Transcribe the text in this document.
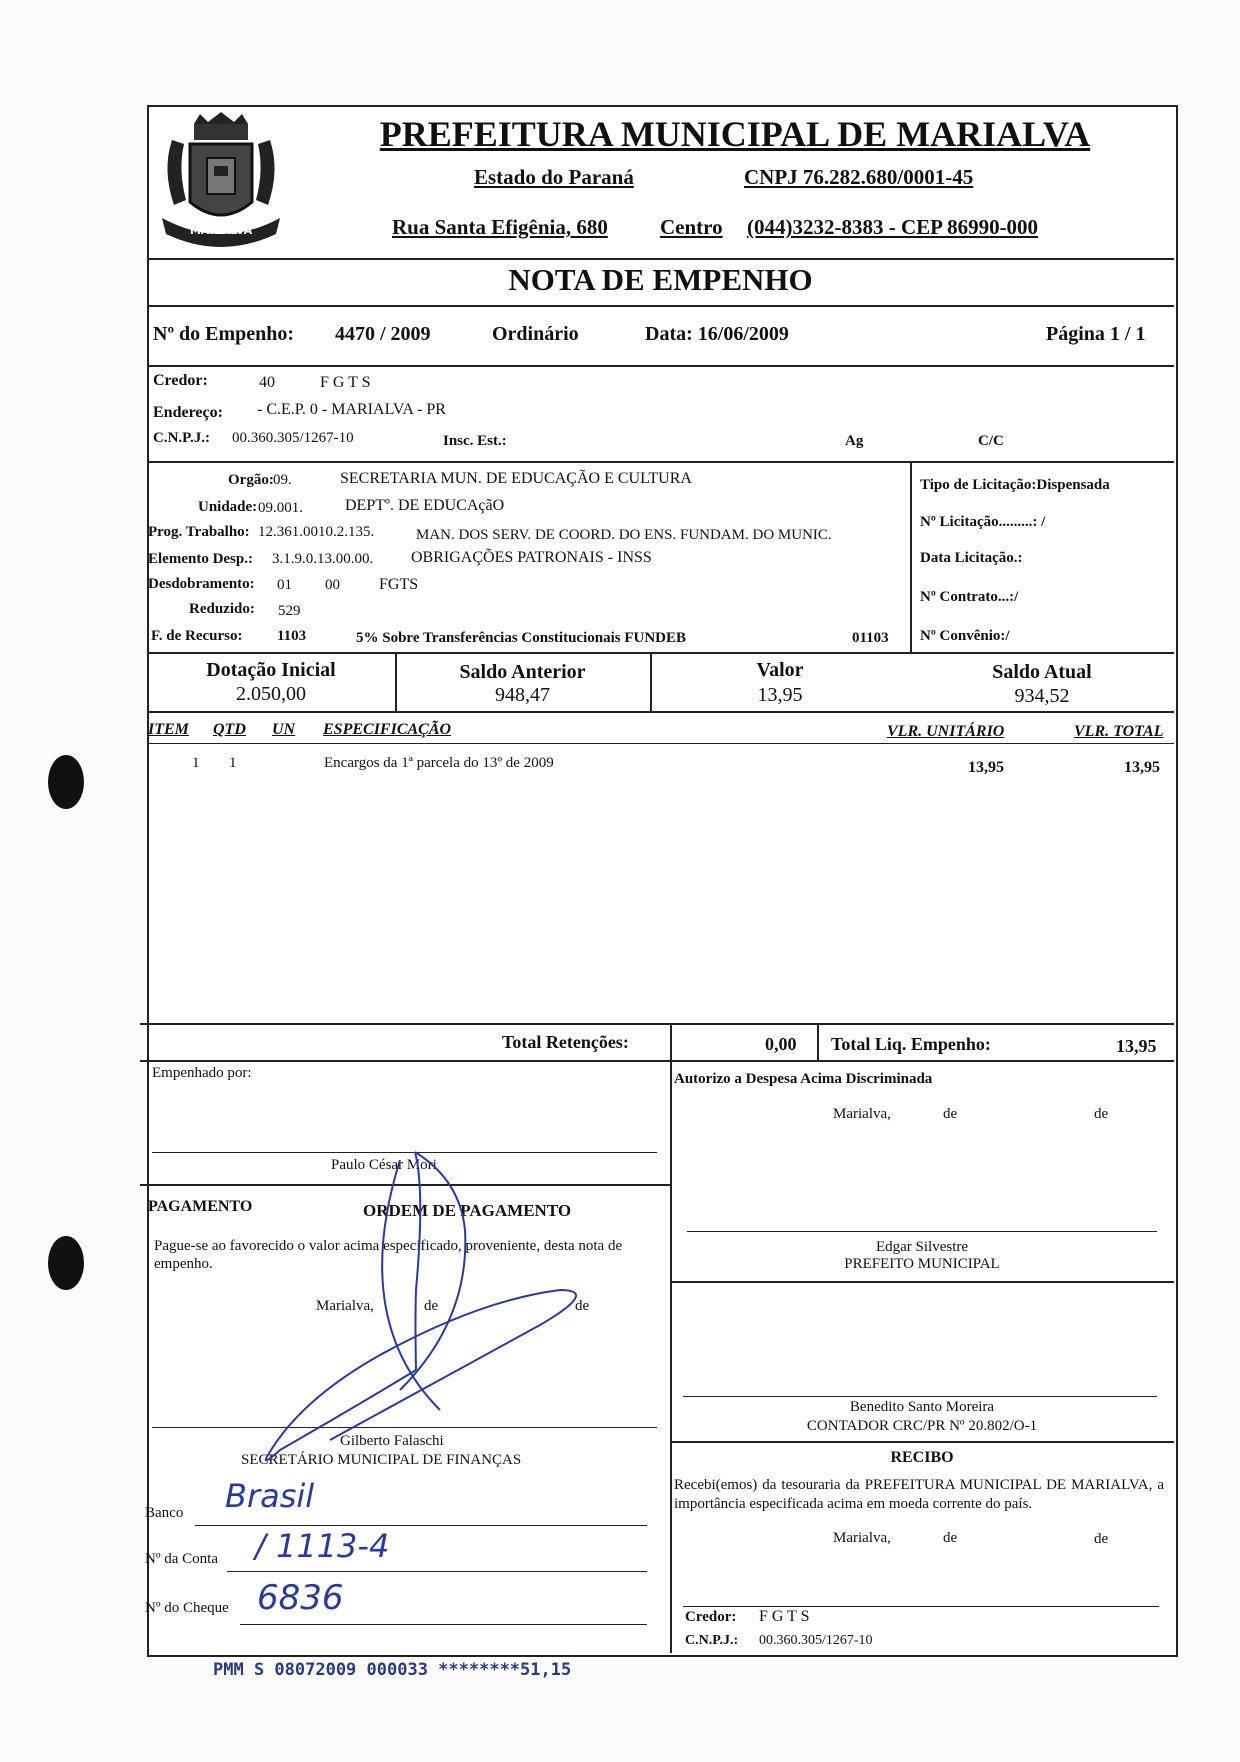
MARIALVA
PREFEITURA MUNICIPAL DE MARIALVA
Estado do Paraná	CNPJ 76.282.680/0001-45
Rua Santa Efigênia, 680 Centro (044)3232-8383 - CEP 86990-000
NOTA DE EMPENHO
Nº do Empenho: 4470 / 2009	Ordinário	Data: 16/06/2009	Página 1 / 1
Credor:	40	F G T S
Endereço: - C.E.P. 0 - MARIALVA - PR
C.N.P.J.: 00.360.305/1267-10	Insc. Est.:	Ag	C/C
Orgão: 09.	SECRETARIA MUN. DE EDUCAÇÃO E CULTURA
Unidade: 09.001.	DEPTº. DE EDUCAçãO
Prog. Trabalho: 12.361.0010.2.135.	MAN. DOS SERV. DE COORD. DO ENS. FUNDAM. DO MUNIC.
Elemento Desp.: 3.1.9.0.13.00.00. OBRIGAÇÕES PATRONAIS - INSS
Desdobramento: 01 00 FGTS
Reduzido: 529
F. de Recurso: 1103	5% Sobre Transferências Constitucionais FUNDEB	01103
Tipo de Licitação:Dispensada
Nº Licitação.........: /
Data Licitação.:
Nº Contrato...:/
Nº Convênio:/
Dotação Inicial
2.050,00
Saldo Anterior
948,47
Valor
13,95
Saldo Atual
934,52
ITEM QTD UN ESPECIFICAÇÃO	VLR. UNITÁRIO	VLR. TOTAL
1 1	Encargos da 1ª parcela do 13º de 2009	13,95	13,95
Total Retenções:	0,00 Total Liq. Empenho:	13,95
Empenhado por:
Paulo César Mori
PAGAMENTO	ORDEM DE PAGAMENTO
Pague-se ao favorecido o valor acima especificado, proveniente, desta nota de empenho.
Marialva,	de	de
Gilberto Falaschi
SECRETÁRIO MUNICIPAL DE FINANÇAS
Banco Brasil
Nº da Conta / 1113-4
Nº do Cheque 6836
Autorizo a Despesa Acima Discriminada
Marialva,	de	de
Edgar Silvestre
PREFEITO MUNICIPAL
Benedito Santo Moreira
CONTADOR CRC/PR Nº 20.802/O-1
RECIBO
Recebi(emos) da tesouraria da PREFEITURA MUNICIPAL DE MARIALVA, a importância especificada acima em moeda corrente do país.
Marialva,	de	de
Credor: F G T S
C.N.P.J.: 00.360.305/1267-10
PMM S 08072009 000033 ********51,15
